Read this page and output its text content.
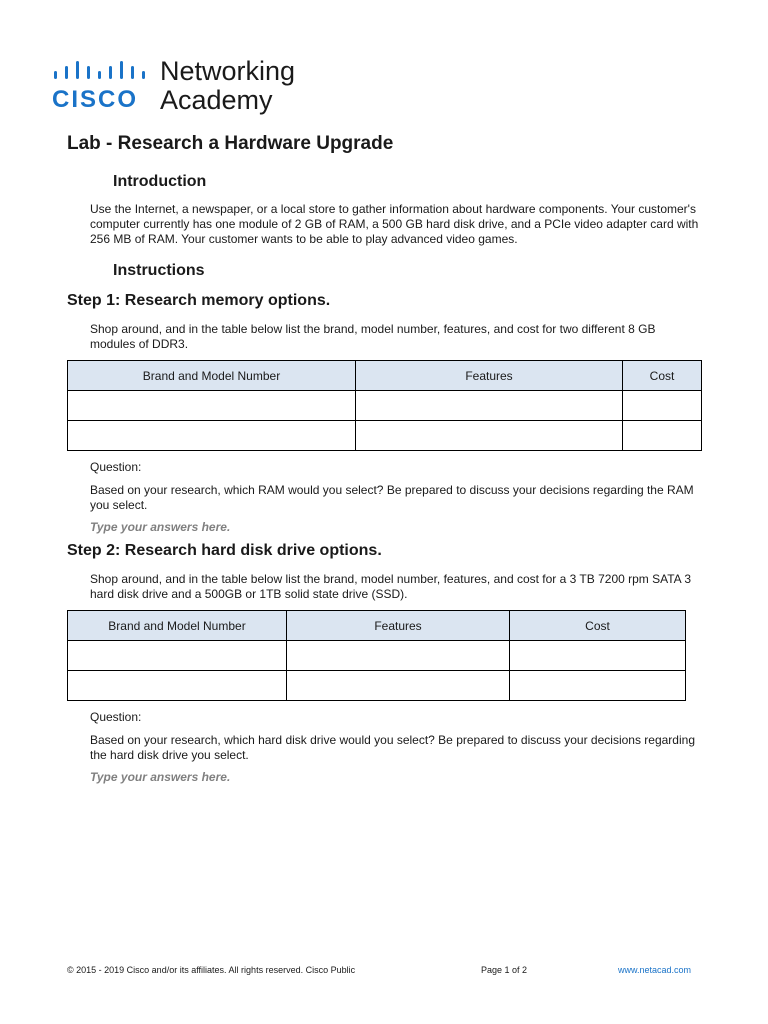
CISCO
Networking
Academy
Lab - Research a Hardware Upgrade
Introduction

Use the Internet, a newspaper, or a local store to gather information about hardware components. Your customer's computer currently has one module of 2 GB of RAM, a 500 GB hard disk drive, and a PCIe video adapter card with 256 MB of RAM. Your customer wants to be able to play advanced video games.

Instructions
Step 1: Research memory options.

Shop around, and in the table below list the brand, model number, features, and cost for two different 8 GB modules of DDR3.

Brand and Model Number	Features	Cost

Question:

Based on your research, which RAM would you select? Be prepared to discuss your decisions regarding the RAM you select.

Type your answers here.

Step 2: Research hard disk drive options.

Shop around, and in the table below list the brand, model number, features, and cost for a 3 TB 7200 rpm SATA 3 hard disk drive and a 500GB or 1TB solid state drive (SSD).

Brand and Model Number	Features	Cost

Question:

Based on your research, which hard disk drive would you select? Be prepared to discuss your decisions regarding the hard disk drive you select.

Type your answers here.

© 2015 - 2019 Cisco and/or its affiliates. All rights reserved. Cisco Public	Page 1 of 2	www.netacad.com
